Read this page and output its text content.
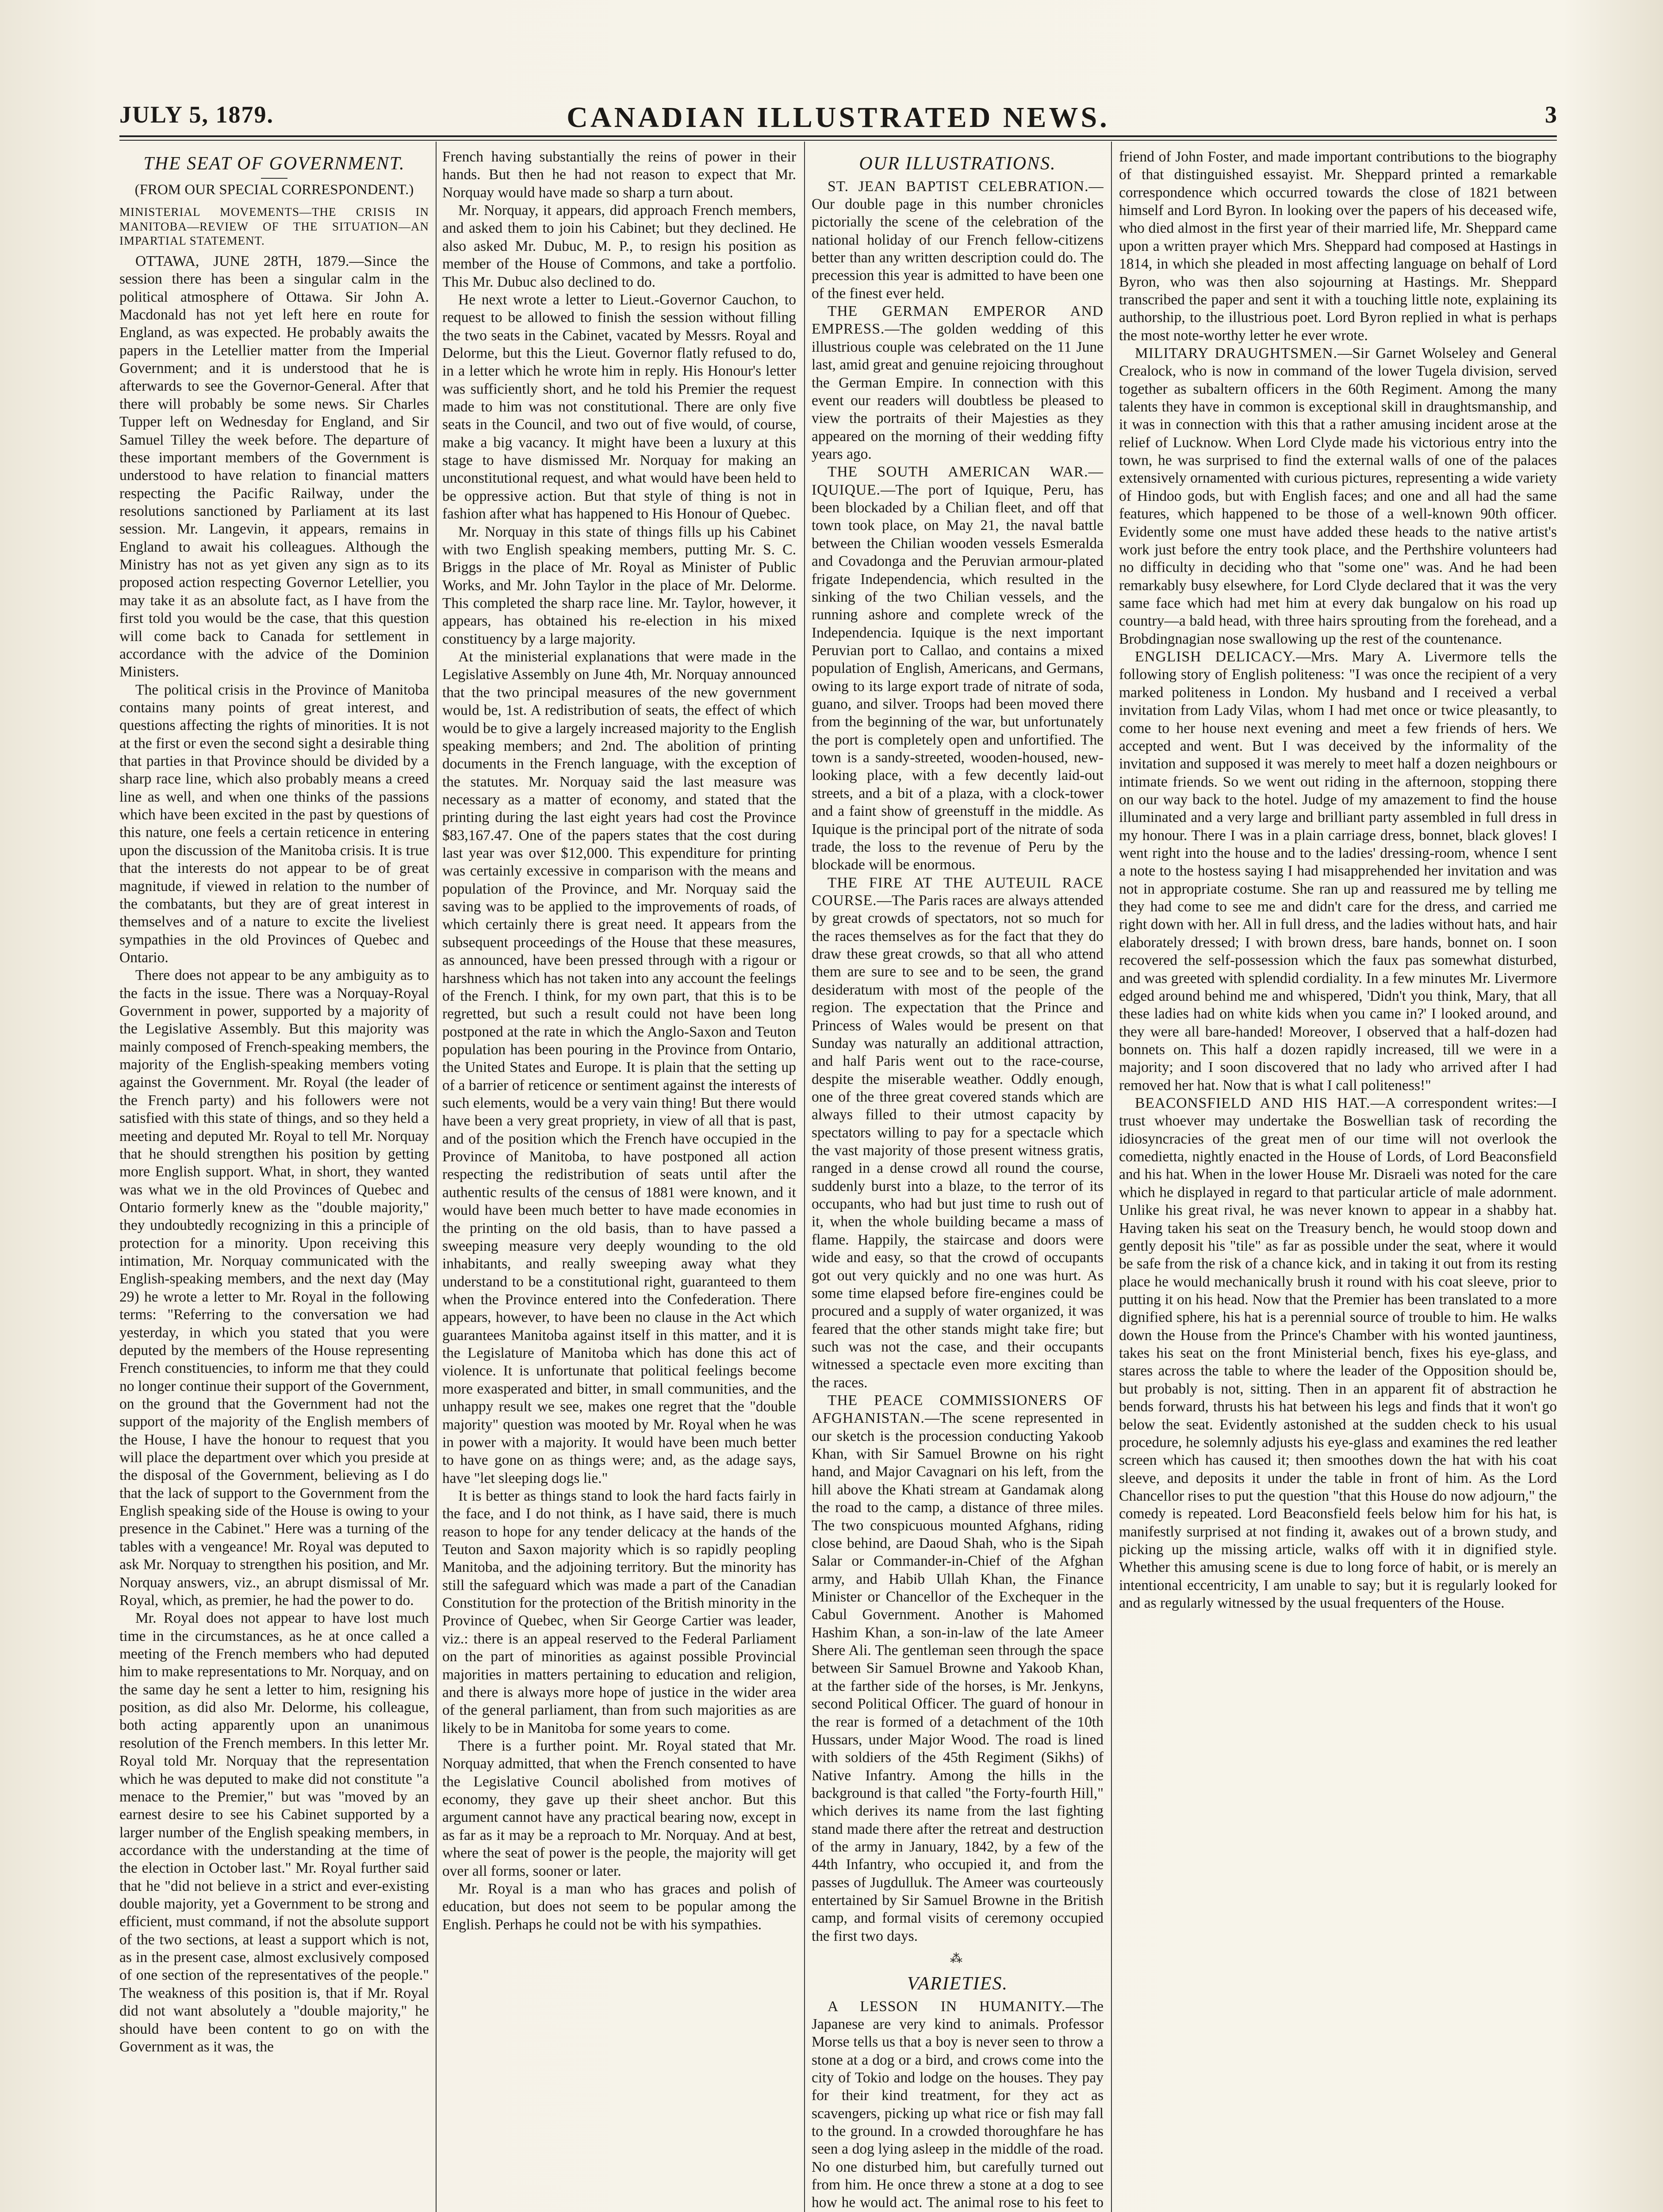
JULY 5, 1879.	CANADIAN ILLUSTRATED NEWS.	3
THE SEAT OF GOVERNMENT.
(FROM OUR SPECIAL CORRESPONDENT.)
MINISTERIAL MOVEMENTS—THE CRISIS IN MANITOBA—REVIEW OF THE SITUATION—AN IMPARTIAL STATEMENT.

OTTAWA, JUNE 28TH, 1879.—Since the session there has been a singular calm in the political atmosphere of Ottawa. Sir John A. Macdonald has not yet left here en route for England, as was expected. He probably awaits the papers in the Letellier matter from the Imperial Government; and it is understood that he is afterwards to see the Governor-General. After that there will probably be some news. Sir Charles Tupper left on Wednesday for England, and Sir Samuel Tilley the week before. The departure of these important members of the Government is understood to have relation to financial matters respecting the Pacific Railway, under the resolutions sanctioned by Parliament at its last session. Mr. Langevin, it appears, remains in England to await his colleagues. Although the Ministry has not as yet given any sign as to its proposed action respecting Governor Letellier, you may take it as an absolute fact, as I have from the first told you would be the case, that this question will come back to Canada for settlement in accordance with the advice of the Dominion Ministers.

The political crisis in the Province of Manitoba contains many points of great interest, and questions affecting the rights of minorities. It is not at the first or even the second sight a desirable thing that parties in that Province should be divided by a sharp race line, which also probably means a creed line as well, and when one thinks of the passions which have been excited in the past by questions of this nature, one feels a certain reticence in entering upon the discussion of the Manitoba crisis. It is true that the interests do not appear to be of great magnitude, if viewed in relation to the number of the combatants, but they are of great interest in themselves and of a nature to excite the liveliest sympathies in the old Provinces of Quebec and Ontario.

There does not appear to be any ambiguity as to the facts in the issue. There was a Norquay-Royal Government in power, supported by a majority of the Legislative Assembly. But this majority was mainly composed of French-speaking members, the majority of the English-speaking members voting against the Government. Mr. Royal (the leader of the French party) and his followers were not satisfied with this state of things, and so they held a meeting and deputed Mr. Royal to tell Mr. Norquay that he should strengthen his position by getting more English support. What, in short, they wanted was what we in the old Provinces of Quebec and Ontario formerly knew as the "double majority," they undoubtedly recognizing in this a principle of protection for a minority. Upon receiving this intimation, Mr. Norquay communicated with the English-speaking members, and the next day (May 29) he wrote a letter to Mr. Royal in the following terms: "Referring to the conversation we had yesterday, in which you stated that you were deputed by the members of the House representing French constituencies, to inform me that they could no longer continue their support of the Government, on the ground that the Government had not the support of the majority of the English members of the House, I have the honour to request that you will place the department over which you preside at the disposal of the Government, believing as I do that the lack of support to the Government from the English speaking side of the House is owing to your presence in the Cabinet." Here was a turning of the tables with a vengeance! Mr. Royal was deputed to ask Mr. Norquay to strengthen his position, and Mr. Norquay answers, viz., an abrupt dismissal of Mr. Royal, which, as premier, he had the power to do.

Mr. Royal does not appear to have lost much time in the circumstances, as he at once called a meeting of the French members who had deputed him to make representations to Mr. Norquay, and on the same day he sent a letter to him, resigning his position, as did also Mr. Delorme, his colleague, both acting apparently upon an unanimous resolution of the French members. In this letter Mr. Royal told Mr. Norquay that the representation which he was deputed to make did not constitute "a menace to the Premier," but was "moved by an earnest desire to see his Cabinet supported by a larger number of the English speaking members, in accordance with the understanding at the time of the election in October last." Mr. Royal further said that he "did not believe in a strict and ever-existing double majority, yet a Government to be strong and efficient, must command, if not the absolute support of the two sections, at least a support which is not, as in the present case, almost exclusively composed of one section of the representatives of the people." The weakness of this position is, that if Mr. Royal did not want absolutely a "double majority," he should have been content to go on with the Government as it was, the

French having substantially the reins of power in their hands. But then he had not reason to expect that Mr. Norquay would have made so sharp a turn about.

Mr. Norquay, it appears, did approach French members, and asked them to join his Cabinet; but they declined. He also asked Mr. Dubuc, M. P., to resign his position as member of the House of Commons, and take a portfolio. This Mr. Dubuc also declined to do.

He next wrote a letter to Lieut.-Governor Cauchon, to request to be allowed to finish the session without filling the two seats in the Cabinet, vacated by Messrs. Royal and Delorme, but this the Lieut. Governor flatly refused to do, in a letter which he wrote him in reply. His Honour's letter was sufficiently short, and he told his Premier the request made to him was not constitutional. There are only five seats in the Council, and two out of five would, of course, make a big vacancy. It might have been a luxury at this stage to have dismissed Mr. Norquay for making an unconstitutional request, and what would have been held to be oppressive action. But that style of thing is not in fashion after what has happened to His Honour of Quebec.

Mr. Norquay in this state of things fills up his Cabinet with two English speaking members, putting Mr. S. C. Briggs in the place of Mr. Royal as Minister of Public Works, and Mr. John Taylor in the place of Mr. Delorme. This completed the sharp race line. Mr. Taylor, however, it appears, has obtained his re-election in his mixed constituency by a large majority.

At the ministerial explanations that were made in the Legislative Assembly on June 4th, Mr. Norquay announced that the two principal measures of the new government would be, 1st. A redistribution of seats, the effect of which would be to give a largely increased majority to the English speaking members; and 2nd. The abolition of printing documents in the French language, with the exception of the statutes. Mr. Norquay said the last measure was necessary as a matter of economy, and stated that the printing during the last eight years had cost the Province $83,167.47. One of the papers states that the cost during last year was over $12,000. This expenditure for printing was certainly excessive in comparison with the means and population of the Province, and Mr. Norquay said the saving was to be applied to the improvements of roads, of which certainly there is great need. It appears from the subsequent proceedings of the House that these measures, as announced, have been pressed through with a rigour or harshness which has not taken into any account the feelings of the French. I think, for my own part, that this is to be regretted, but such a result could not have been long postponed at the rate in which the Anglo-Saxon and Teuton population has been pouring in the Province from Ontario, the United States and Europe. It is plain that the setting up of a barrier of reticence or sentiment against the interests of such elements, would be a very vain thing! But there would have been a very great propriety, in view of all that is past, and of the position which the French have occupied in the Province of Manitoba, to have postponed all action respecting the redistribution of seats until after the authentic results of the census of 1881 were known, and it would have been much better to have made economies in the printing on the old basis, than to have passed a sweeping measure very deeply wounding to the old inhabitants, and really sweeping away what they understand to be a constitutional right, guaranteed to them when the Province entered into the Confederation. There appears, however, to have been no clause in the Act which guarantees Manitoba against itself in this matter, and it is the Legislature of Manitoba which has done this act of violence. It is unfortunate that political feelings become more exasperated and bitter, in small communities, and the unhappy result we see, makes one regret that the "double majority" question was mooted by Mr. Royal when he was in power with a majority. It would have been much better to have gone on as things were; and, as the adage says, have "let sleeping dogs lie."

It is better as things stand to look the hard facts fairly in the face, and I do not think, as I have said, there is much reason to hope for any tender delicacy at the hands of the Teuton and Saxon majority which is so rapidly peopling Manitoba, and the adjoining territory. But the minority has still the safeguard which was made a part of the Canadian Constitution for the protection of the British minority in the Province of Quebec, when Sir George Cartier was leader, viz.: there is an appeal reserved to the Federal Parliament on the part of minorities as against possible Provincial majorities in matters pertaining to education and religion, and there is always more hope of justice in the wider area of the general parliament, than from such majorities as are likely to be in Manitoba for some years to come.

There is a further point. Mr. Royal stated that Mr. Norquay admitted, that when the French consented to have the Legislative Council abolished from motives of economy, they gave up their sheet anchor. But this argument cannot have any practical bearing now, except in as far as it may be a reproach to Mr. Norquay. And at best, where the seat of power is the people, the majority will get over all forms, sooner or later.

Mr. Royal is a man who has graces and polish of education, but does not seem to be popular among the English. Perhaps he could not be with his sympathies.

OUR ILLUSTRATIONS.

ST. JEAN BAPTIST CELEBRATION.—Our double page in this number chronicles pictorially the scene of the celebration of the national holiday of our French fellow-citizens better than any written description could do. The precession this year is admitted to have been one of the finest ever held.

THE GERMAN EMPEROR AND EMPRESS.—The golden wedding of this illustrious couple was celebrated on the 11 June last, amid great and genuine rejoicing throughout the German Empire. In connection with this event our readers will doubtless be pleased to view the portraits of their Majesties as they appeared on the morning of their wedding fifty years ago.

THE SOUTH AMERICAN WAR.—IQUIQUE.—The port of Iquique, Peru, has been blockaded by a Chilian fleet, and off that town took place, on May 21, the naval battle between the Chilian wooden vessels Esmeralda and Covadonga and the Peruvian armour-plated frigate Independencia, which resulted in the sinking of the two Chilian vessels, and the running ashore and complete wreck of the Independencia. Iquique is the next important Peruvian port to Callao, and contains a mixed population of English, Americans, and Germans, owing to its large export trade of nitrate of soda, guano, and silver. Troops had been moved there from the beginning of the war, but unfortunately the port is completely open and unfortified. The town is a sandy-streeted, wooden-housed, new-looking place, with a few decently laid-out streets, and a bit of a plaza, with a clock-tower and a faint show of greenstuff in the middle. As Iquique is the principal port of the nitrate of soda trade, the loss to the revenue of Peru by the blockade will be enormous.

THE FIRE AT THE AUTEUIL RACE COURSE.—The Paris races are always attended by great crowds of spectators, not so much for the races themselves as for the fact that they do draw these great crowds, so that all who attend them are sure to see and to be seen, the grand desideratum with most of the people of the region. The expectation that the Prince and Princess of Wales would be present on that Sunday was naturally an additional attraction, and half Paris went out to the race-course, despite the miserable weather. Oddly enough, one of the three great covered stands which are always filled to their utmost capacity by spectators willing to pay for a spectacle which the vast majority of those present witness gratis, ranged in a dense crowd all round the course, suddenly burst into a blaze, to the terror of its occupants, who had but just time to rush out of it, when the whole building became a mass of flame. Happily, the staircase and doors were wide and easy, so that the crowd of occupants got out very quickly and no one was hurt. As some time elapsed before fire-engines could be procured and a supply of water organized, it was feared that the other stands might take fire; but such was not the case, and their occupants witnessed a spectacle even more exciting than the races.

THE PEACE COMMISSIONERS OF AFGHANISTAN.—The scene represented in our sketch is the procession conducting Yakoob Khan, with Sir Samuel Browne on his right hand, and Major Cavagnari on his left, from the hill above the Khati stream at Gandamak along the road to the camp, a distance of three miles. The two conspicuous mounted Afghans, riding close behind, are Daoud Shah, who is the Sipah Salar or Commander-in-Chief of the Afghan army, and Habib Ullah Khan, the Finance Minister or Chancellor of the Exchequer in the Cabul Government. Another is Mahomed Hashim Khan, a son-in-law of the late Ameer Shere Ali. The gentleman seen through the space between Sir Samuel Browne and Yakoob Khan, at the farther side of the horses, is Mr. Jenkyns, second Political Officer. The guard of honour in the rear is formed of a detachment of the 10th Hussars, under Major Wood. The road is lined with soldiers of the 45th Regiment (Sikhs) of Native Infantry. Among the hills in the background is that called "the Forty-fourth Hill," which derives its name from the last fighting stand made there after the retreat and destruction of the army in January, 1842, by a few of the 44th Infantry, who occupied it, and from the passes of Jugdulluk. The Ameer was courteously entertained by Sir Samuel Browne in the British camp, and formal visits of ceremony occupied the first two days.

⁂
VARIETIES.

A LESSON IN HUMANITY.—The Japanese are very kind to animals. Professor Morse tells us that a boy is never seen to throw a stone at a dog or a bird, and crows come into the city of Tokio and lodge on the houses. They pay for their kind treatment, for they act as scavengers, picking up what rice or fish may fall to the ground. In a crowded thoroughfare he has seen a dog lying asleep in the middle of the road. No one disturbed him, but carefully turned out from him. He once threw a stone at a dog to see how he would act. The animal rose to his feet to

friend of John Foster, and made important contributions to the biography of that distinguished essayist. Mr. Sheppard printed a remarkable correspondence which occurred towards the close of 1821 between himself and Lord Byron. In looking over the papers of his deceased wife, who died almost in the first year of their married life, Mr. Sheppard came upon a written prayer which Mrs. Sheppard had composed at Hastings in 1814, in which she pleaded in most affecting language on behalf of Lord Byron, who was then also sojourning at Hastings. Mr. Sheppard transcribed the paper and sent it with a touching little note, explaining its authorship, to the illustrious poet. Lord Byron replied in what is perhaps the most note-worthy letter he ever wrote.

MILITARY DRAUGHTSMEN.—Sir Garnet Wolseley and General Crealock, who is now in command of the lower Tugela division, served together as subaltern officers in the 60th Regiment. Among the many talents they have in common is exceptional skill in draughtsmanship, and it was in connection with this that a rather amusing incident arose at the relief of Lucknow. When Lord Clyde made his victorious entry into the town, he was surprised to find the external walls of one of the palaces extensively ornamented with curious pictures, representing a wide variety of Hindoo gods, but with English faces; and one and all had the same features, which happened to be those of a well-known 90th officer. Evidently some one must have added these heads to the native artist's work just before the entry took place, and the Perthshire volunteers had no difficulty in deciding who that "some one" was. And he had been remarkably busy elsewhere, for Lord Clyde declared that it was the very same face which had met him at every dak bungalow on his road up country—a bald head, with three hairs sprouting from the forehead, and a Brobdingnagian nose swallowing up the rest of the countenance.

ENGLISH DELICACY.—Mrs. Mary A. Livermore tells the following story of English politeness: "I was once the recipient of a very marked politeness in London. My husband and I received a verbal invitation from Lady Vilas, whom I had met once or twice pleasantly, to come to her house next evening and meet a few friends of hers. We accepted and went. But I was deceived by the informality of the invitation and supposed it was merely to meet half a dozen neighbours or intimate friends. So we went out riding in the afternoon, stopping there on our way back to the hotel. Judge of my amazement to find the house illuminated and a very large and brilliant party assembled in full dress in my honour. There I was in a plain carriage dress, bonnet, black gloves! I went right into the house and to the ladies' dressing-room, whence I sent a note to the hostess saying I had misapprehended her invitation and was not in appropriate costume. She ran up and reassured me by telling me they had come to see me and didn't care for the dress, and carried me right down with her. All in full dress, and the ladies without hats, and hair elaborately dressed; I with brown dress, bare hands, bonnet on. I soon recovered the self-possession which the faux pas somewhat disturbed, and was greeted with splendid cordiality. In a few minutes Mr. Livermore edged around behind me and whispered, 'Didn't you think, Mary, that all these ladies had on white kids when you came in?' I looked around, and they were all bare-handed! Moreover, I observed that a half-dozen had bonnets on. This half a dozen rapidly increased, till we were in a majority; and I soon discovered that no lady who arrived after I had removed her hat. Now that is what I call politeness!"

BEACONSFIELD AND HIS HAT.—A correspondent writes:—I trust whoever may undertake the Boswellian task of recording the idiosyncracies of the great men of our time will not overlook the comedietta, nightly enacted in the House of Lords, of Lord Beaconsfield and his hat. When in the lower House Mr. Disraeli was noted for the care which he displayed in regard to that particular article of male adornment. Unlike his great rival, he was never known to appear in a shabby hat. Having taken his seat on the Treasury bench, he would stoop down and gently deposit his "tile" as far as possible under the seat, where it would be safe from the risk of a chance kick, and in taking it out from its resting place he would mechanically brush it round with his coat sleeve, prior to putting it on his head. Now that the Premier has been translated to a more dignified sphere, his hat is a perennial source of trouble to him. He walks down the House from the Prince's Chamber with his wonted jauntiness, takes his seat on the front Ministerial bench, fixes his eye-glass, and stares across the table to where the leader of the Opposition should be, but probably is not, sitting. Then in an apparent fit of abstraction he bends forward, thrusts his hat between his legs and finds that it won't go below the seat. Evidently astonished at the sudden check to his usual procedure, he solemnly adjusts his eye-glass and examines the red leather screen which has caused it; then smoothes down the hat with his coat sleeve, and deposits it under the table in front of him. As the Lord Chancellor rises to put the question "that this House do now adjourn," the comedy is repeated. Lord Beaconsfield feels below him for his hat, is manifestly surprised at not finding it, awakes out of a brown study, and picking up the missing article, walks off with it in dignified style. Whether this amusing scene is due to long force of habit, or is merely an intentional eccentricity, I am unable to say; but it is regularly looked for and as regularly witnessed by the usual frequenters of the House.
